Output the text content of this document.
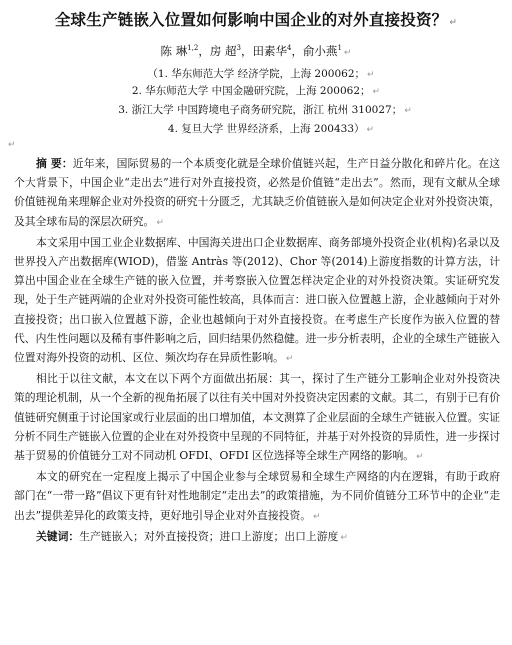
全球生产链嵌入位置如何影响中国企业的对外直接投资？ ↵
陈 琳$^{1,2}$，房 超$^3$，田素华$^4$，俞小燕$^1$ ↵
（1. 华东师范大学 经济学院，上海 200062； ↵
2. 华东师范大学 中国金融研究院，上海 200062； ↵
3. 浙江大学 中国跨境电子商务研究院，浙江 杭州 310027； ↵
4. 复旦大学 世界经济系，上海 200433） ↵
↵

摘 要：近年来，国际贸易的一个本质变化就是全球价值链兴起，生产日益分散化和碎片化。在这个大背景下，中国企业“走出去”进行对外直接投资，必然是价值链“走出去”。然而，现有文献从全球价值链视角来理解企业对外投资的研究十分匮乏，尤其缺乏价值链嵌入是如何决定企业对外投资决策，及其全球布局的深层次研究。 ↵

本文采用中国工业企业数据库、中国海关进出口企业数据库、商务部境外投资企业(机构)名录以及世界投入产出数据库(WIOD)，借鉴 Antràs 等(2012)、Chor 等(2014)上游度指数的计算方法，计算出中国企业在全球生产链的嵌入位置，并考察嵌入位置怎样决定企业的对外投资决策。实证研究发现，处于生产链两端的企业对外投资可能性较高，具体而言：进口嵌入位置越上游，企业越倾向于对外直接投资；出口嵌入位置越下游，企业也越倾向于对外直接投资。在考虑生产长度作为嵌入位置的替代、内生性问题以及稀有事件影响之后，回归结果仍然稳健。进一步分析表明，企业的全球生产链嵌入位置对海外投资的动机、区位、频次均存在异质性影响。 ↵

相比于以往文献，本文在以下两个方面做出拓展：其一，探讨了生产链分工影响企业对外投资决策的理论机制，从一个全新的视角拓展了以往有关中国对外投资决定因素的文献。其二，有别于已有价值链研究侧重于讨论国家或行业层面的出口增加值，本文测算了企业层面的全球生产链嵌入位置。实证分析不同生产链嵌入位置的企业在对外投资中呈现的不同特征，并基于对外投资的异质性，进一步探讨基于贸易的价值链分工对不同动机 OFDI、OFDI 区位选择等全球生产网络的影响。 ↵

本文的研究在一定程度上揭示了中国企业参与全球贸易和全球生产网络的内在逻辑，有助于政府部门在“一带一路”倡议下更有针对性地制定“走出去”的政策措施，为不同价值链分工环节中的企业“走出去”提供差异化的政策支持，更好地引导企业对外直接投资。 ↵

关键词：生产链嵌入；对外直接投资；进口上游度；出口上游度 ↵
